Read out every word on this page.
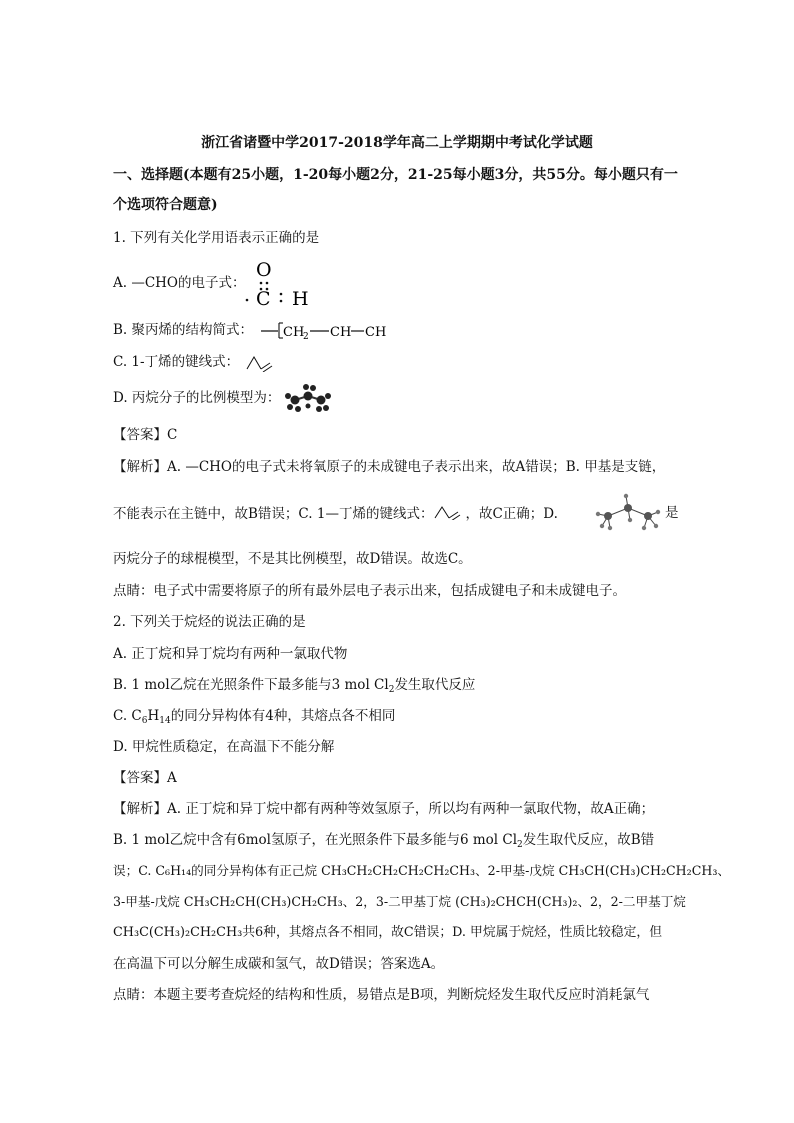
浙江省诸暨中学2017-2018学年高二上学期期中考试化学试题
一、选择题(本题有25小题，1-20每小题2分，21-25每小题3分，共55分。每小题只有一
个选项符合题意)
1. 下列有关化学用语表示正确的是
A. —CHO的电子式：
O
C H
B. 聚丙烯的结构简式： CH
2 CH CH
C. 1-丁烯的键线式：
D. 丙烷分子的比例模型为：
【答案】C
【解析】A. —CHO的电子式未将氧原子的未成键电子表示出来，故A错误；B. 甲基是支链，
不能表示在主链中，故B错误；C. 1—丁烯的键线式： ，故C正确；D.	是
丙烷分子的球棍模型，不是其比例模型，故D错误。故选C。
点睛：电子式中需要将原子的所有最外层电子表示出来，包括成键电子和未成键电子。
2. 下列关于烷烃的说法正确的是
A. 正丁烷和异丁烷均有两种一氯取代物
B. 1 mol乙烷在光照条件下最多能与3 mol $Cl_2$发生取代反应
C. $C_6H_{14}$的同分异构体有4种，其熔点各不相同
D. 甲烷性质稳定，在高温下不能分解
【答案】A
【解析】A. 正丁烷和异丁烷中都有两种等效氢原子，所以均有两种一氯取代物，故A正确；
B. 1 mol乙烷中含有6mol氢原子，在光照条件下最多能与6 mol $Cl_2$发生取代反应，故B错
误；C. C₆H₁₄的同分异构体有正己烷 CH₃CH₂CH₂CH₂CH₂CH₃、2-甲基-戊烷 CH₃CH(CH₃)CH₂CH₂CH₃、
3-甲基-戊烷 CH₃CH₂CH(CH₃)CH₂CH₃、2，3-二甲基丁烷 (CH₃)₂CHCH(CH₃)₂、2，2-二甲基丁烷
CH₃C(CH₃)₂CH₂CH₃共6种，其熔点各不相同，故C错误；D. 甲烷属于烷烃，性质比较稳定，但
在高温下可以分解生成碳和氢气，故D错误；答案选A。
点睛：本题主要考查烷烃的结构和性质，易错点是B项，判断烷烃发生取代反应时消耗氯气
